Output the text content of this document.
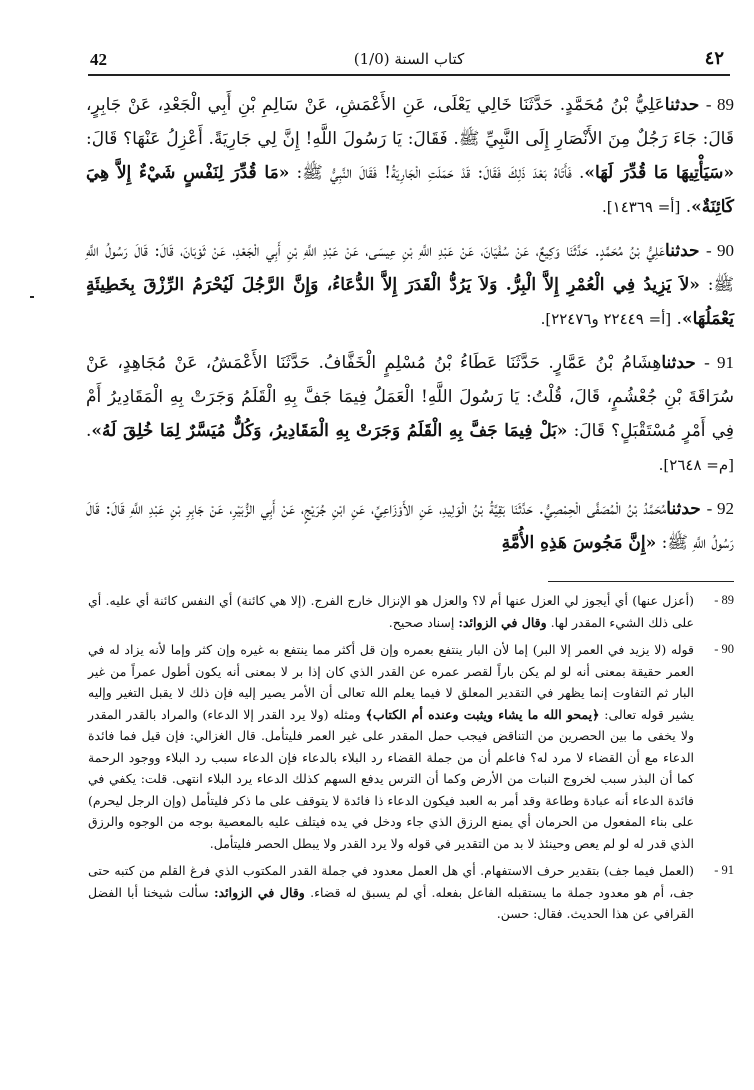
42	(1/0) كتاب السنة	٤٢

89 - حدثناعَلِيُّ بْنُ مُحَمَّدٍ. حَدَّثَنَا خَالِي يَعْلَى، عَنِ الأَعْمَشِ، عَنْ سَالِمِ بْنِ أَبِي الْجَعْدِ، عَنْ جَابِرٍ، قَالَ: جَاءَ رَجُلٌ مِنَ الأَنْصَارِ إِلَى النَّبِيِّ ﷺ. فَقَالَ: يَا رَسُولَ اللَّهِ! إِنَّ لِي جَارِيَةً. أَعْزِلُ عَنْهَا؟ قَالَ: «سَيَأْتِيهَا مَا قُدِّرَ لَهَا». فَأَتَاهُ بَعْدَ ذَلِكَ فَقَالَ: قَدْ حَمَلَتِ الْجَارِيَةُ! فَقَالَ النَّبِيُّ ﷺ: «مَا قُدِّرَ لِنَفْسٍ شَيْءٌ إِلاَّ هِيَ كَائِنَةٌ». [أ= ١٤٣٦٩].

90 - حدثناعَلِيُّ بْنُ مُحَمَّدٍ. حَدَّثَنَا وَكِيعٌ، عَنْ سُفْيَانَ، عَنْ عَبْدِ اللَّهِ بْنِ عِيسَى، عَنْ عَبْدِ اللَّهِ بْنِ أَبِي الْجَعْدِ، عَنْ ثَوْبَانَ، قَالَ: قَالَ رَسُولُ اللَّهِ ﷺ: «لاَ يَزِيدُ فِي الْعُمْرِ إِلاَّ الْبِرُّ. وَلاَ يَرُدُّ الْقَدَرَ إِلاَّ الدُّعَاءُ، وَإِنَّ الرَّجُلَ لَيُحْرَمُ الرِّزْقَ بِخَطِيئَةٍ يَعْمَلُهَا». [أ= ٢٢٤٤٩ و٢٢٤٧٦].

91 - حدثناهِشَامُ بْنُ عَمَّارٍ. حَدَّثَنَا عَطَاءُ بْنُ مُسْلِمٍ الْخَفَّافُ. حَدَّثَنَا الأَعْمَشُ، عَنْ مُجَاهِدٍ، عَنْ سُرَاقَةَ بْنِ جُعْشُمٍ، قَالَ، قُلْتُ: يَا رَسُولَ اللَّهِ! الْعَمَلُ فِيمَا جَفَّ بِهِ الْقَلَمُ وَجَرَتْ بِهِ الْمَقَادِيرُ أَمْ فِي أَمْرٍ مُسْتَقْبَلٍ؟ قَالَ: «بَلْ فِيمَا جَفَّ بِهِ الْقَلَمُ وَجَرَتْ بِهِ الْمَقَادِيرُ، وَكُلٌّ مُيَسَّرٌ لِمَا خُلِقَ لَهُ». [م= ٢٦٤٨].

92 - حدثنامُحَمَّدُ بْنُ الْمُصَفَّى الْحِمْصِيُّ. حَدَّثَنَا بَقِيَّةُ بْنُ الْوَلِيدِ، عَنِ الأَوْزَاعِيِّ، عَنِ ابْنِ جُرَيْجٍ، عَنْ أَبِي الزُّبَيْرِ، عَنْ جَابِرِ بْنِ عَبْدِ اللَّهِ قَالَ: قَالَ رَسُولُ اللَّهِ ﷺ: «إِنَّ مَجُوسَ هَذِهِ الأُمَّةِ

89 -
(أعزل عنها) أي أيجوز لي العزل عنها أم لا؟ والعزل هو الإنزال خارج الفرج. (إلا هي كائنة) أي النفس كائنة أي عليه. أي على ذلك الشيء المقدر لها. وقال في الزوائد: إسناد صحيح.
90 -
قوله (لا يزيد في العمر إلا البر) إما لأن البار ينتفع بعمره وإن قل أكثر مما ينتفع به غيره وإن كثر وإما لأنه يزاد له في العمر حقيقة بمعنى أنه لو لم يكن باراً لقصر عمره عن القدر الذي كان إذا بر لا بمعنى أنه يكون أطول عمراً من غير البار ثم التفاوت إنما يظهر في التقدير المعلق لا فيما يعلم الله تعالى أن الأمر يصير إليه فإن ذلك لا يقبل التغير وإليه يشير قوله تعالى: ﴿يمحو الله ما يشاء ويثبت وعنده أم الكتاب﴾ ومثله (ولا يرد القدر إلا الدعاء) والمراد بالقدر المقدر ولا يخفى ما بين الحصرين من التناقض فيجب حمل المقدر على غير العمر فليتأمل. قال الغزالي: فإن قيل فما فائدة الدعاء مع أن القضاء لا مرد له؟ فاعلم أن من جملة القضاء رد البلاء بالدعاء فإن الدعاء سبب رد البلاء ووجود الرحمة كما أن البذر سبب لخروج النبات من الأرض وكما أن الترس يدفع السهم كذلك الدعاء يرد البلاء انتهى. قلت: يكفي في فائدة الدعاء أنه عبادة وطاعة وقد أمر به العبد فيكون الدعاء ذا فائدة لا يتوقف على ما ذكر فليتأمل (وإن الرجل ليحرم) على بناء المفعول من الحرمان أي يمنع الرزق الذي جاء ودخل في يده فيتلف عليه بالمعصية بوجه من الوجوه والرزق الذي قدر له لو لم يعص وحينئذ لا بد من التقدير في قوله ولا يرد القدر ولا يبطل الحصر فليتأمل.
91 -
(العمل فيما جف) بتقدير حرف الاستفهام. أي هل العمل معدود في جملة القدر المكتوب الذي فرغ القلم من كتبه حتى جف، أم هو معدود جملة ما يستقبله الفاعل بفعله. أي لم يسبق له قضاء. وقال في الزوائد: سألت شيخنا أبا الفضل القرافي عن هذا الحديث. فقال: حسن.
